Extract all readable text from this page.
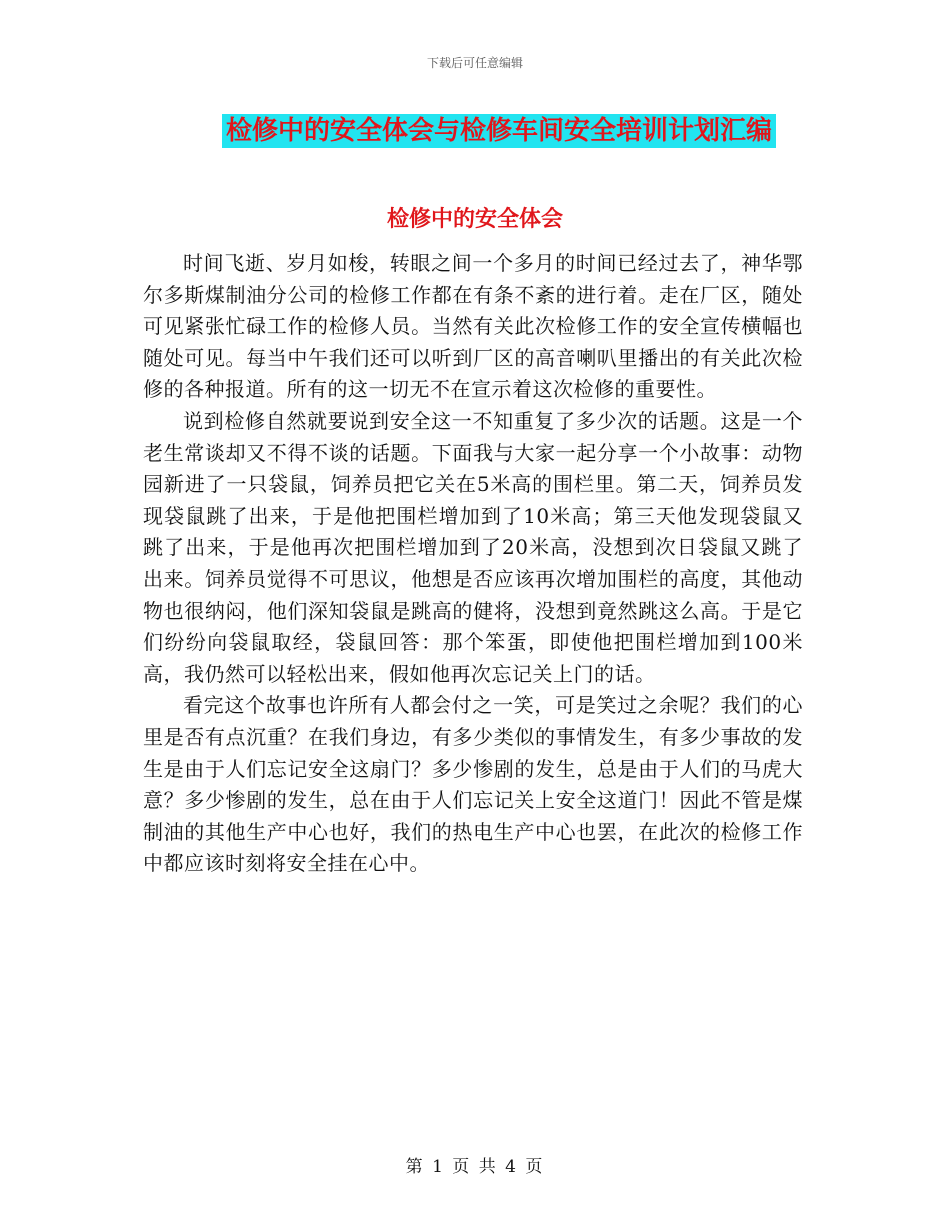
下载后可任意编辑
检修中的安全体会与检修车间安全培训计划汇编
检修中的安全体会

时间飞逝、岁月如梭，转眼之间一个多月的时间已经过去了，神华鄂尔多斯煤制油分公司的检修工作都在有条不紊的进行着。走在厂区，随处可见紧张忙碌工作的检修人员。当然有关此次检修工作的安全宣传横幅也随处可见。每当中午我们还可以听到厂区的高音喇叭里播出的有关此次检修的各种报道。所有的这一切无不在宣示着这次检修的重要性。

说到检修自然就要说到安全这一不知重复了多少次的话题。这是一个老生常谈却又不得不谈的话题。下面我与大家一起分享一个小故事：动物园新进了一只袋鼠，饲养员把它关在5米高的围栏里。第二天，饲养员发现袋鼠跳了出来，于是他把围栏增加到了10米高；第三天他发现袋鼠又跳了出来，于是他再次把围栏增加到了20米高，没想到次日袋鼠又跳了出来。饲养员觉得不可思议，他想是否应该再次增加围栏的高度，其他动物也很纳闷，他们深知袋鼠是跳高的健将，没想到竟然跳这么高。于是它们纷纷向袋鼠取经，袋鼠回答：那个笨蛋，即使他把围栏增加到100米高，我仍然可以轻松出来，假如他再次忘记关上门的话。

看完这个故事也许所有人都会付之一笑，可是笑过之余呢？我们的心里是否有点沉重？在我们身边，有多少类似的事情发生，有多少事故的发生是由于人们忘记安全这扇门？多少惨剧的发生，总是由于人们的马虎大意？多少惨剧的发生，总在由于人们忘记关上安全这道门！因此不管是煤制油的其他生产中心也好，我们的热电生产中心也罢，在此次的检修工作中都应该时刻将安全挂在心中。

第 1 页 共 4 页
